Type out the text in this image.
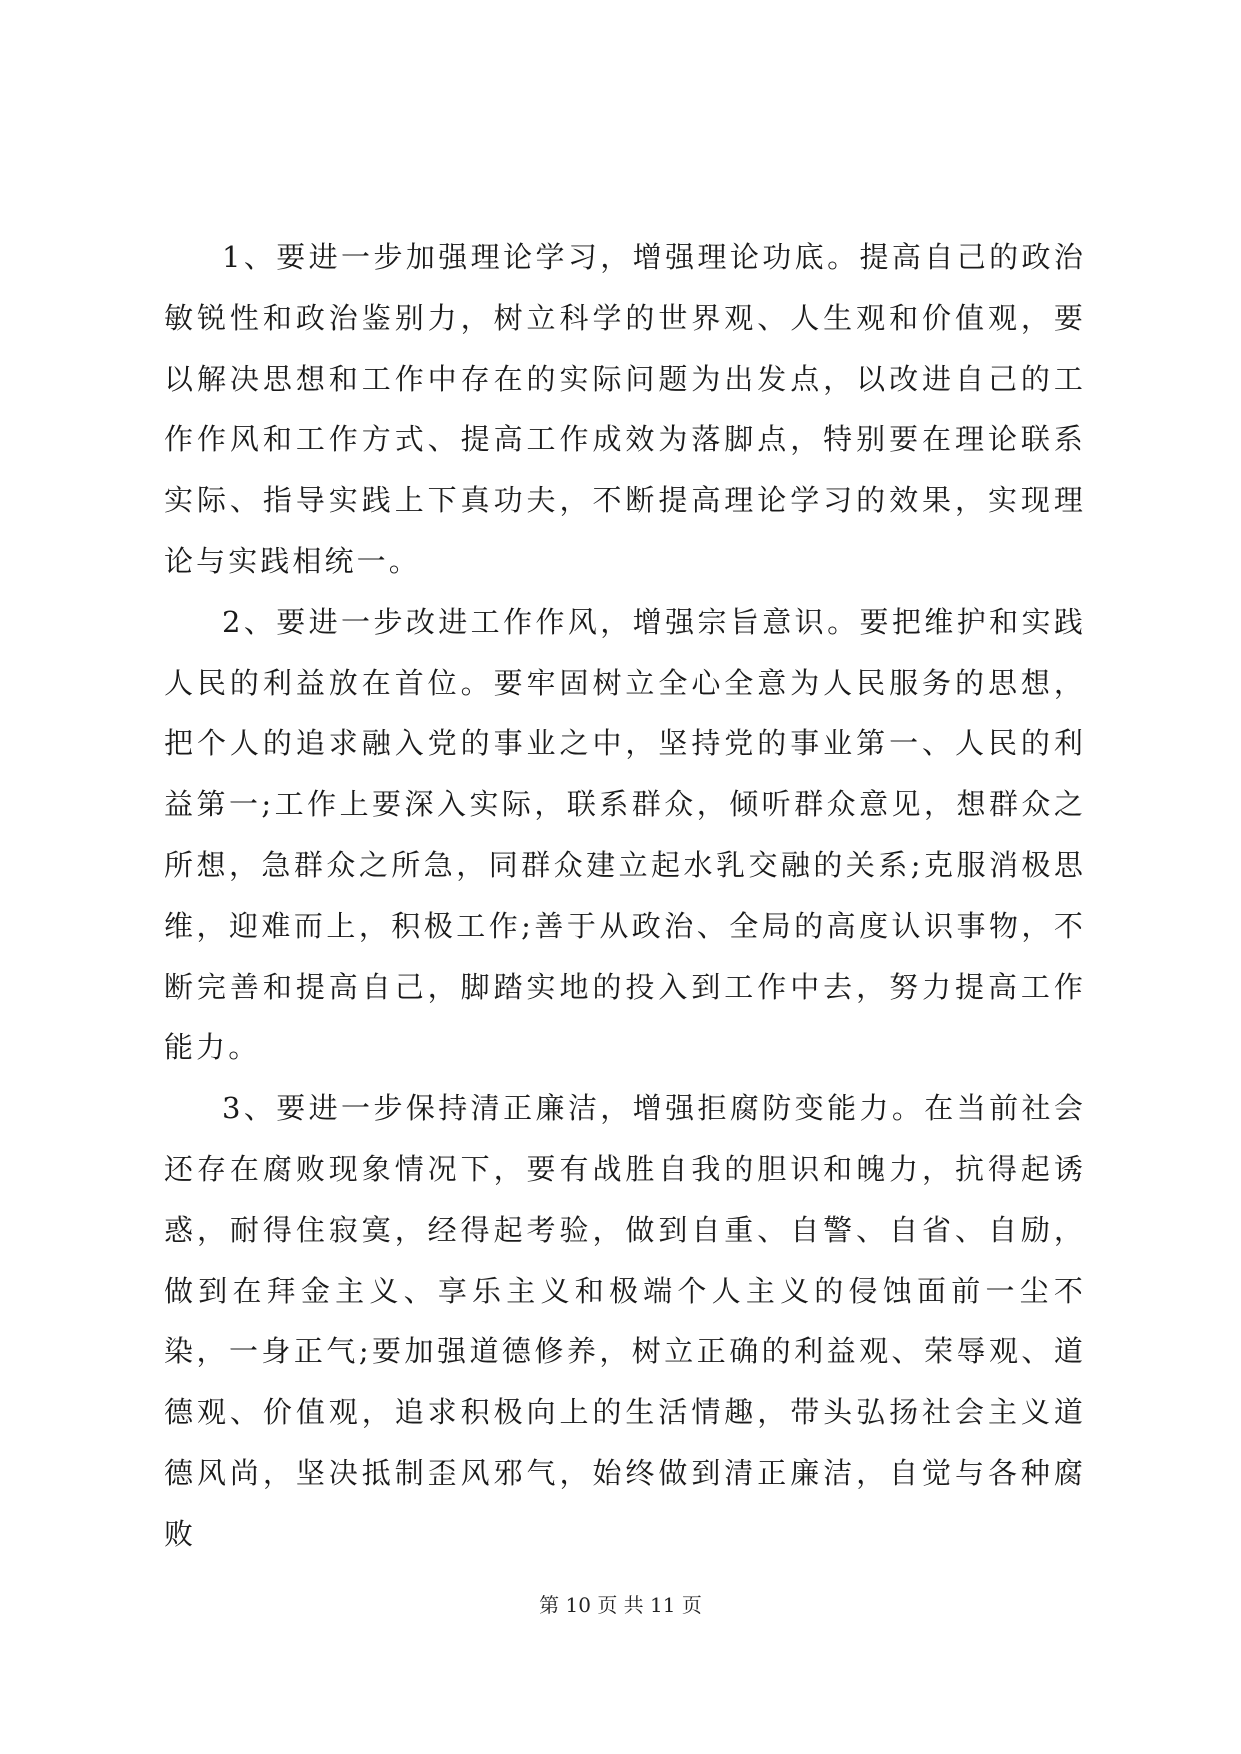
1、要进一步加强理论学习，增强理论功底。提高自己的政治敏锐性和政治鉴别力，树立科学的世界观、人生观和价值观，要以解决思想和工作中存在的实际问题为出发点，以改进自己的工作作风和工作方式、提高工作成效为落脚点，特别要在理论联系实际、指导实践上下真功夫，不断提高理论学习的效果，实现理论与实践相统一。

2、要进一步改进工作作风，增强宗旨意识。要把维护和实践人民的利益放在首位。要牢固树立全心全意为人民服务的思想，把个人的追求融入党的事业之中，坚持党的事业第一、人民的利益第一;工作上要深入实际，联系群众，倾听群众意见，想群众之所想，急群众之所急，同群众建立起水乳交融的关系;克服消极思维，迎难而上，积极工作;善于从政治、全局的高度认识事物，不断完善和提高自己，脚踏实地的投入到工作中去，努力提高工作能力。

3、要进一步保持清正廉洁，增强拒腐防变能力。在当前社会还存在腐败现象情况下，要有战胜自我的胆识和魄力，抗得起诱惑，耐得住寂寞，经得起考验，做到自重、自警、自省、自励，做到在拜金主义、享乐主义和极端个人主义的侵蚀面前一尘不染，一身正气;要加强道德修养，树立正确的利益观、荣辱观、道德观、价值观，追求积极向上的生活情趣，带头弘扬社会主义道德风尚，坚决抵制歪风邪气，始终做到清正廉洁，自觉与各种腐败

第 10 页 共 11 页
